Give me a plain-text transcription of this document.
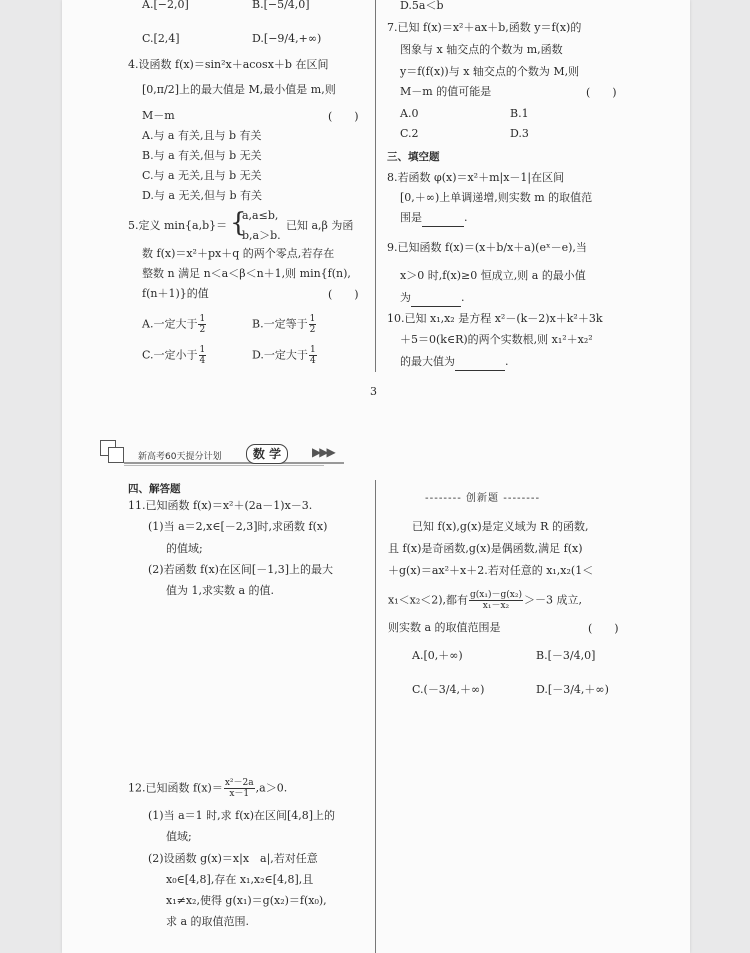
A.[−2,0]	B.[−5/4,0]
C.[2,4]	D.[−9/4,+∞)
4.设函数 f(x)＝sin²x＋acosx＋b 在区间
[0,π/2]上的最大值是 M,最小值是 m,则
M－m	(　　)
A.与 a 有关,且与 b 有关
B.与 a 有关,但与 b 无关
C.与 a 无关,且与 b 无关
D.与 a 无关,但与 b 有关
5.定义 min{a,b}＝ {
a,a≤b,
b,a＞b.
已知 a,β 为函
数 f(x)＝x²＋px＋q 的两个零点,若存在
整数 n 满足 n＜a＜β＜n＋1,则 min{f(n),
f(n＋1)}的值	(　　)
A.一定大于 $\frac{1}{2}$	B.一定等于 $\frac{1}{2}$
C.一定小于 $\frac{1}{4}$	D.一定大于 $\frac{1}{4}$
D.5a＜b
7.已知 f(x)＝x²＋ax＋b,函数 y＝f(x)的
图象与 x 轴交点的个数为 m,函数
y＝f(f(x))与 x 轴交点的个数为 M,则
M－m 的值可能是	(　　)
A.0	B.1
C.2	D.3
三、填空题
8.若函数 φ(x)＝x²＋m|x－1|在区间
[0,＋∞)上单调递增,则实数 m 的取值范
围是	.
9.已知函数 f(x)＝(x＋b/x＋a)(eˣ－e),当
x＞0 时,f(x)≥0 恒成立,则 a 的最小值
为	.
10.已知 x₁,x₂ 是方程 x²－(k－2)x＋k²＋3k
＋5＝0(k∈R)的两个实数根,则 x₁²＋x₂²
的最大值为	.
3
新高考60天提分计划	数 学	▶▶▶
四、解答题
11.已知函数 f(x)＝x²＋(2a－1)x－3.
(1)当 a＝2,x∈[－2,3]时,求函数 f(x)
的值域;
(2)若函数 f(x)在区间[－1,3]上的最大
值为 1,求实数 a 的值.
12.已知函数 $f(x)= \frac{\text{x²－2a}}{x-1} ,a>0$.
(1)当 a＝1 时,求 f(x)在区间[4,8]上的
值域;
(2)设函数 g(x)＝x|x　a|,若对任意
x₀∈[4,8],存在 x₁,x₂∈[4,8],且
x₁≠x₂,使得 g(x₁)＝g(x₂)＝f(x₀),
求 a 的取值范围.
-------- 创新题 --------
已知 f(x),g(x)是定义域为 R 的函数,
且 f(x)是奇函数,g(x)是偶函数,满足 f(x)
＋g(x)＝ax²＋x＋2.若对任意的 x₁,x₂(1＜
x₁＜x₂＜2),都有 $\frac{\text{g(x₁)－g(x₂)}}{\text{x₁－x₂}} >-3$ 成立,
则实数 a 的取值范围是	(　　)
A.[0,＋∞)	B.[－3/4,0]
C.(－3/4,＋∞)	D.[－3/4,＋∞)
